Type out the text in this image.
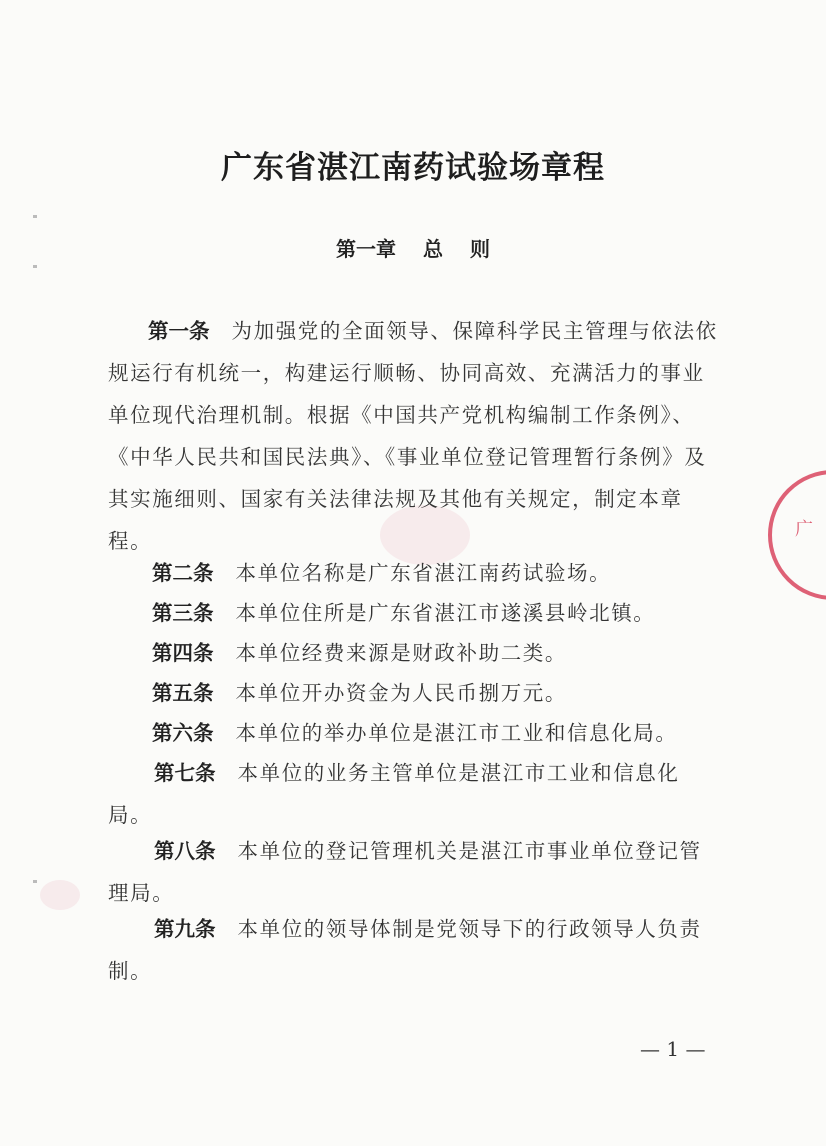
广
广东省湛江南药试验场章程
第一章 总 则
第一条 为加强党的全面领导、保障科学民主管理与依法依规运行有机统一，构建运行顺畅、协同高效、充满活力的事业单位现代治理机制。根据《中国共产党机构编制工作条例》、《中华人民共和国民法典》、《事业单位登记管理暂行条例》及其实施细则、国家有关法律法规及其他有关规定，制定本章程。
第二条 本单位名称是广东省湛江南药试验场。
第三条 本单位住所是广东省湛江市遂溪县岭北镇。
第四条 本单位经费来源是财政补助二类。
第五条 本单位开办资金为人民币捌万元。
第六条 本单位的举办单位是湛江市工业和信息化局。
第七条 本单位的业务主管单位是湛江市工业和信息化局。
第八条 本单位的登记管理机关是湛江市事业单位登记管理局。
第九条 本单位的领导体制是党领导下的行政领导人负责制。
— 1 —
